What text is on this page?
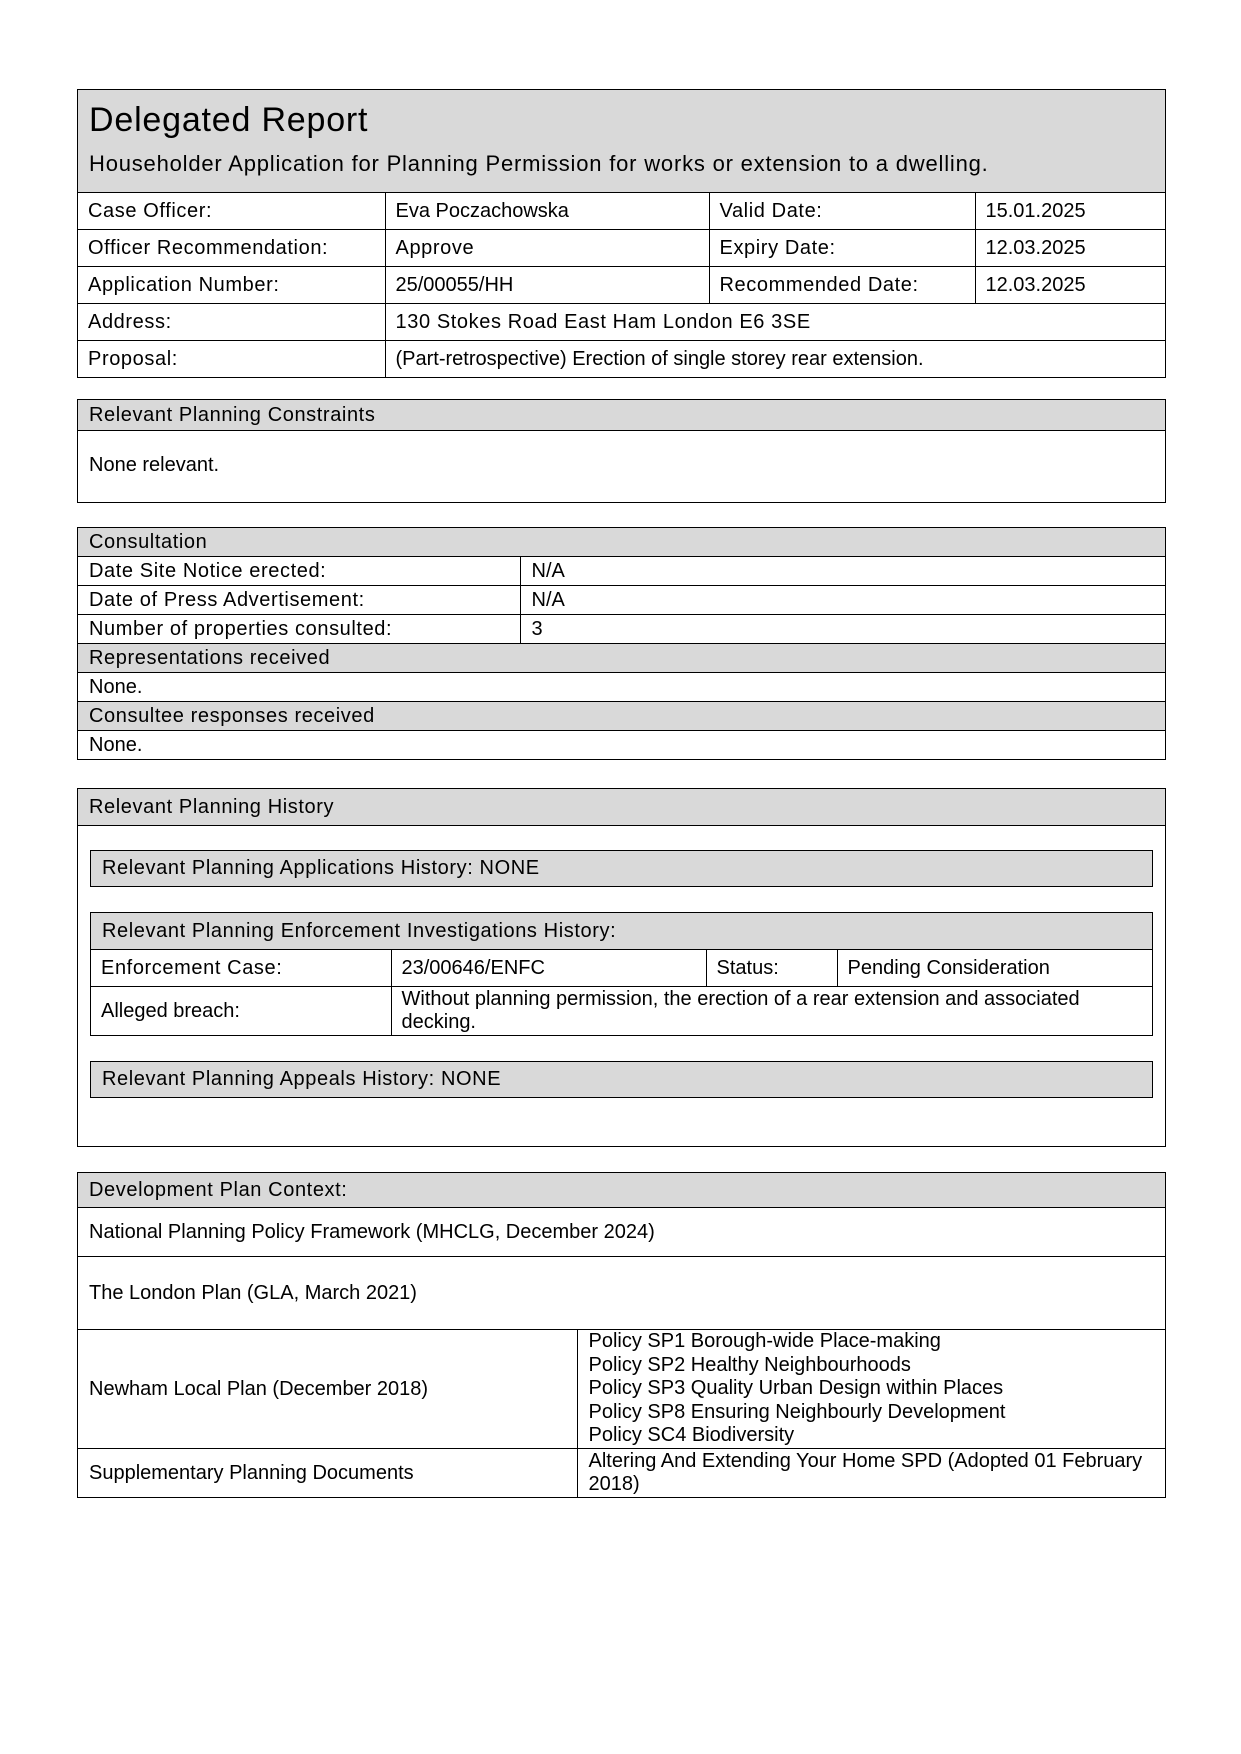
Delegated Report
Householder Application for Planning Permission for works or extension to a dwelling.
Case Officer:	Eva Poczachowska	Valid Date:	15.01.2025
Officer Recommendation:	Approve	Expiry Date:	12.03.2025
Application Number:	25/00055/HH	Recommended Date:	12.03.2025
Address:	130 Stokes Road East Ham London E6 3SE		
Proposal:	(Part-retrospective) Erection of single storey rear extension.		
Relevant Planning Constraints
None relevant.
Consultation	
Date Site Notice erected:	N/A
Date of Press Advertisement:	N/A
Number of properties consulted:	3
Representations received	
None.	
Consultee responses received	
None.	
Relevant Planning History
Relevant Planning Applications History: NONE
Relevant Planning Enforcement Investigations History:
Enforcement Case:	23/00646/ENFC	Status:	Pending Consideration
Alleged breach:	Without planning permission, the erection of a rear extension and associated decking.		
Relevant Planning Appeals History: NONE
Development Plan Context:	
National Planning Policy Framework (MHCLG, December 2024)	
The London Plan (GLA, March 2021)	
Newham Local Plan (December 2018)	Policy SP1 Borough-wide Place-making
Policy SP2 Healthy Neighbourhoods
Policy SP3 Quality Urban Design within Places
Policy SP8 Ensuring Neighbourly Development
Policy SC4 Biodiversity

Supplementary Planning Documents	Altering And Extending Your Home SPD (Adopted 01 February 2018)
